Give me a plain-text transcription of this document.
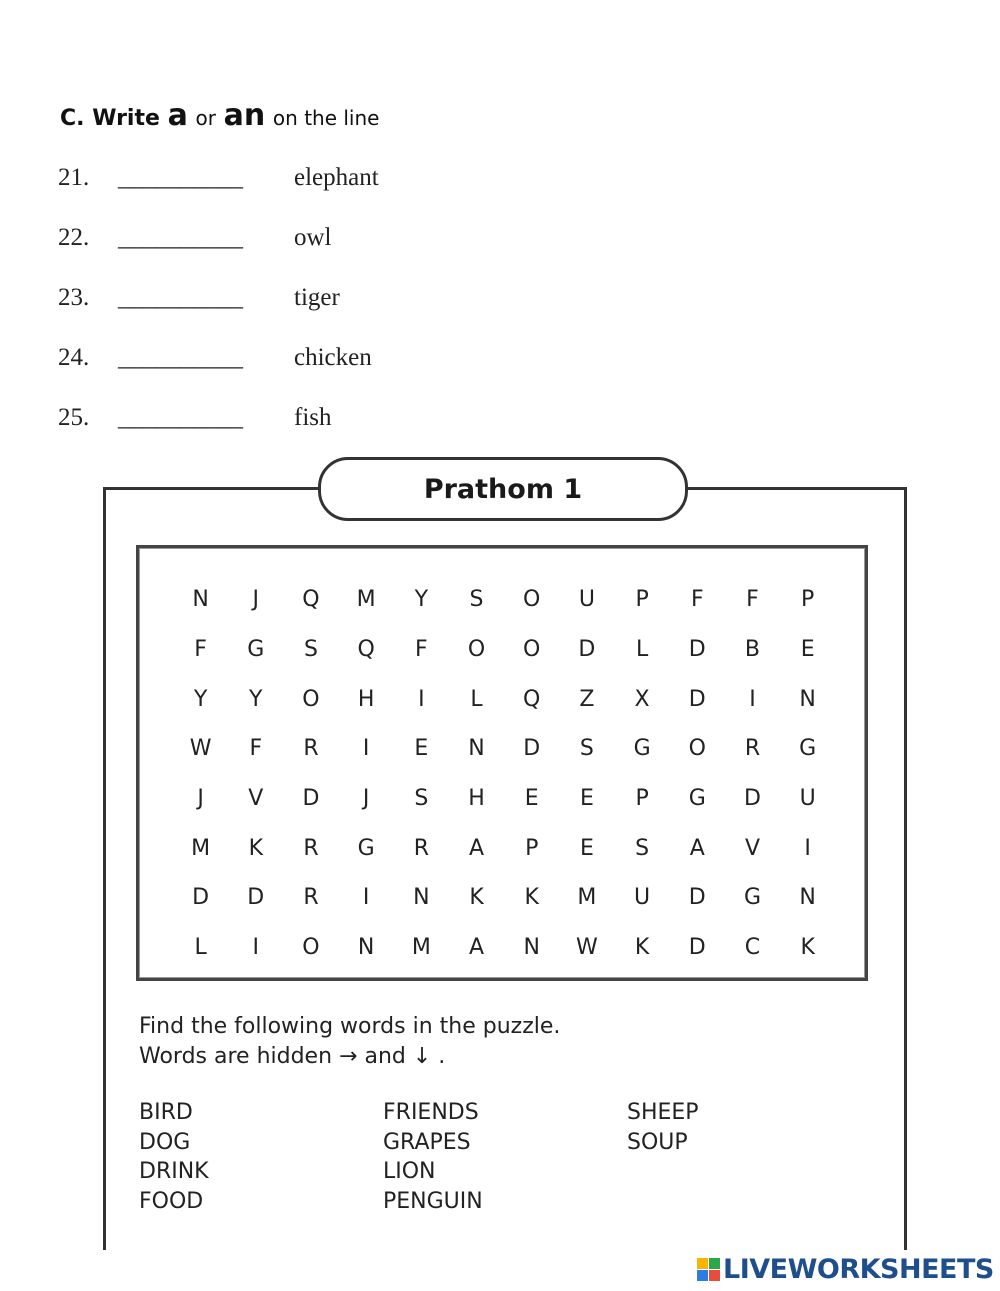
C. Write a or an on the line
21. __________ elephant
22. __________ owl
23. __________ tiger
24. __________ chicken
25. __________ fish
Prathom 1
N	J	Q	M	Y	S	O	U	P	F	F	P
F	G	S	Q	F	O	O	D	L	D	B	E
Y	Y	O	H	I	L	Q	Z	X	D	I	N
W	F	R	I	E	N	D	S	G	O	R	G
J	V	D	J	S	H	E	E	P	G	D	U
M	K	R	G	R	A	P	E	S	A	V	I
D	D	R	I	N	K	K	M	U	D	G	N
L	I	O	N	M	A	N	W	K	D	C	K
Find the following words in the puzzle.
Words are hidden → and ↓ .
BIRD
DOG
DRINK
FOOD
FRIENDS
GRAPES
LION
PENGUIN
SHEEP
SOUP
LIVEWORKSHEETS
